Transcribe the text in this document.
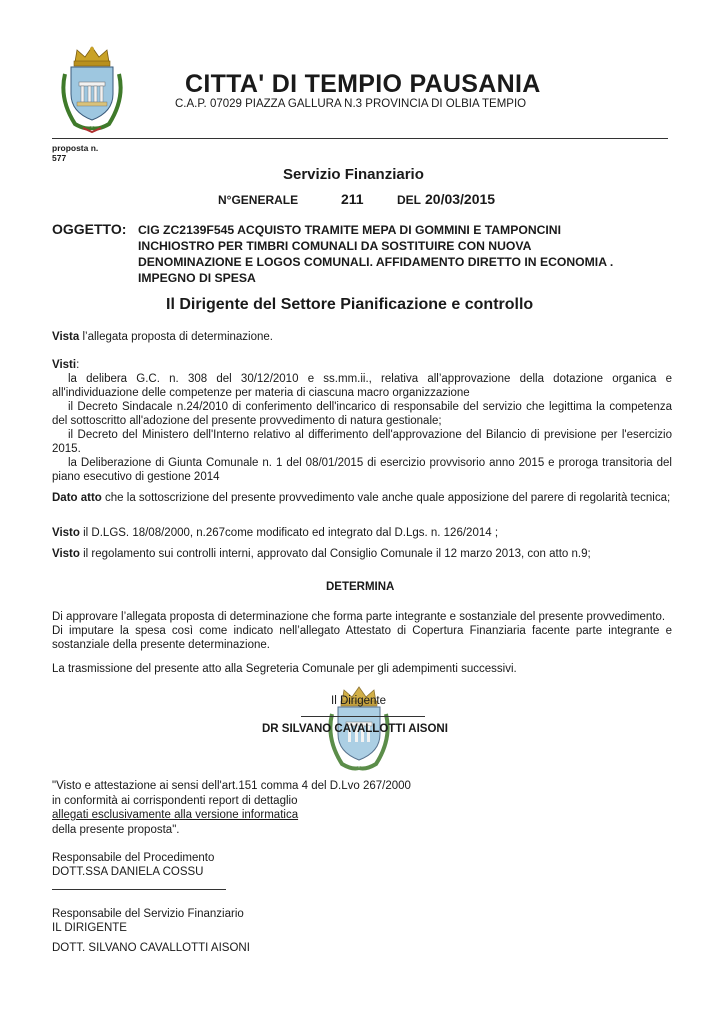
CITTA' DI TEMPIO PAUSANIA
C.A.P. 07029 PIAZZA GALLURA N.3 PROVINCIA DI OLBIA TEMPIO
proposta n.
577
Servizio Finanziario
N°GENERALE	211	DEL 20/03/2015
OGGETTO: CIG ZC2139F545 ACQUISTO TRAMITE MEPA DI GOMMINI E TAMPONCINI
INCHIOSTRO PER TIMBRI COMUNALI DA SOSTITUIRE CON NUOVA
DENOMINAZIONE E LOGOS COMUNALI. AFFIDAMENTO DIRETTO IN ECONOMIA .
IMPEGNO DI SPESA
Il Dirigente del Settore Pianificazione e controllo

Vista l’allegata proposta di determinazione.

Visti:

la delibera G.C. n. 308 del 30/12/2010 e ss.mm.ii., relativa all’approvazione della dotazione organica e all'individuazione delle competenze per materia di ciascuna macro organizzazione

il Decreto Sindacale n.24/2010 di conferimento dell'incarico di responsabile del servizio che legittima la competenza del sottoscritto all'adozione del presente provvedimento di natura gestionale;

il Decreto del Ministero dell'Interno relativo al differimento dell'approvazione del Bilancio di previsione per l'esercizio 2015.

la Deliberazione di Giunta Comunale n. 1 del 08/01/2015 di esercizio provvisorio anno 2015 e proroga transitoria del piano esecutivo di gestione 2014

Dato atto che la sottoscrizione del presente provvedimento vale anche quale apposizione del parere di regolarità tecnica;

Visto il D.LGS. 18/08/2000, n.267come modificato ed integrato dal D.Lgs. n. 126/2014 ;

Visto il regolamento sui controlli interni, approvato dal Consiglio Comunale il 12 marzo 2013, con atto n.9;

DETERMINA

Di approvare l’allegata proposta di determinazione che forma parte integrante e sostanziale del presente provvedimento.

Di imputare la spesa così come indicato nell’allegato Attestato di Copertura Finanziaria facente parte integrante e sostanziale della presente determinazione.

La trasmissione del presente atto alla Segreteria Comunale per gli adempimenti successivi.

Il Dirigente
DR SILVANO CAVALLOTTI AISONI
"Visto e attestazione ai sensi dell'art.151 comma 4 del D.Lvo 267/2000
in conformità ai corrispondenti report di dettaglio
allegati esclusivamente alla versione informatica
della presente proposta".
Responsabile del Procedimento
DOTT.SSA DANIELA COSSU
Responsabile del Servizio Finanziario
IL DIRIGENTE
DOTT. SILVANO CAVALLOTTI AISONI
